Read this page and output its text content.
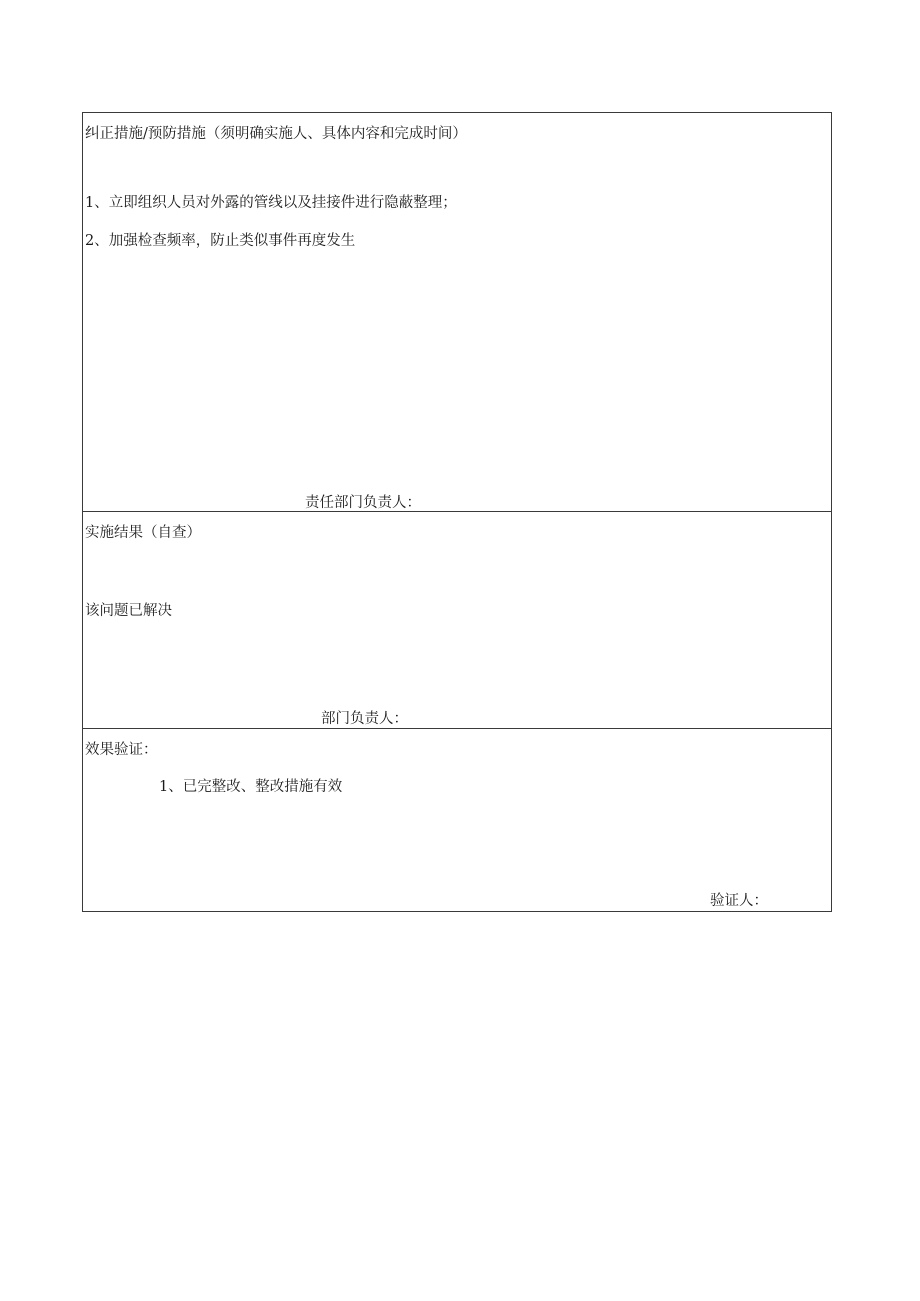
纠正措施/预防措施（须明确实施人、具体内容和完成时间）
1、立即组织人员对外露的管线以及挂接件进行隐蔽整理；
2、加强检查频率，防止类似事件再度发生
责任部门负责人：
实施结果（自查）
该问题已解决
部门负责人：
效果验证：
1、已完整改、整改措施有效
验证人：
